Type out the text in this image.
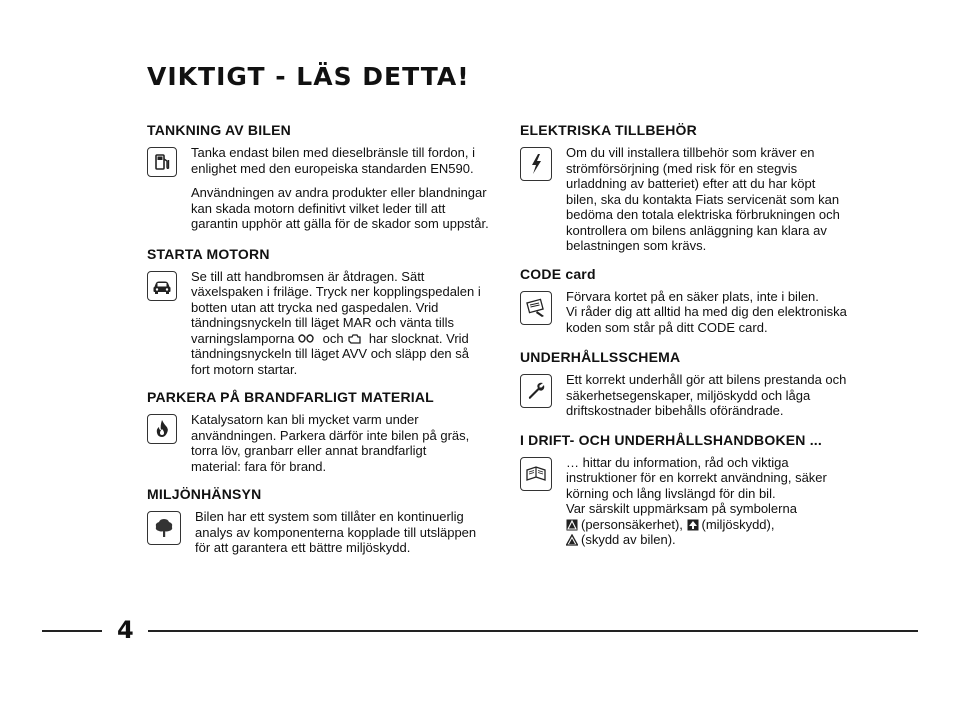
VIKTIGT - LÄS DETTA!
TANKNING AV BILEN

Tanka endast bilen med dieselbränsle till fordon, i
enlighet med den europeiska standarden EN590.

Användningen av andra produkter eller blandningar
kan skada motorn definitivt vilket leder till att
garantin upphör att gälla för de skador som uppstår.

STARTA MOTORN

Se till att handbromsen är åtdragen. Sätt
växelspaken i friläge. Tryck ner kopplingspedalen i
botten utan att trycka ned gaspedalen. Vrid
tändningsnyckeln till läget MAR och vänta tills
varningslamporna och har slocknat. Vrid
tändningsnyckeln till läget AVV och släpp den så
fort motorn startar.

PARKERA PÅ BRANDFARLIGT MATERIAL

Katalysatorn kan bli mycket varm under
användningen. Parkera därför inte bilen på gräs,
torra löv, granbarr eller annat brandfarligt
material: fara för brand.

MILJÖNHÄNSYN

Bilen har ett system som tillåter en kontinuerlig
analys av komponenterna kopplade till utsläppen
för att garantera ett bättre miljöskydd.

ELEKTRISKA TILLBEHÖR

Om du vill installera tillbehör som kräver en
strömförsörjning (med risk för en stegvis
urladdning av batteriet) efter att du har köpt
bilen, ska du kontakta Fiats servicenät som kan
bedöma den totala elektriska förbrukningen och
kontrollera om bilens anläggning kan klara av
belastningen som krävs.

CODE card

Förvara kortet på en säker plats, inte i bilen.
Vi råder dig att alltid ha med dig den elektroniska
koden som står på ditt CODE card.

UNDERHÅLLSSCHEMA

Ett korrekt underhåll gör att bilens prestanda och
säkerhetsegenskaper, miljöskydd och låga
driftskostnader bibehålls oförändrade.

I DRIFT- OCH UNDERHÅLLSHANDBOKEN ...

… hittar du information, råd och viktiga
instruktioner för en korrekt användning, säker
körning och lång livslängd för din bil.
Var särskilt uppmärksam på symbolerna
(personsäkerhet), (miljöskydd),
(skydd av bilen).

4
